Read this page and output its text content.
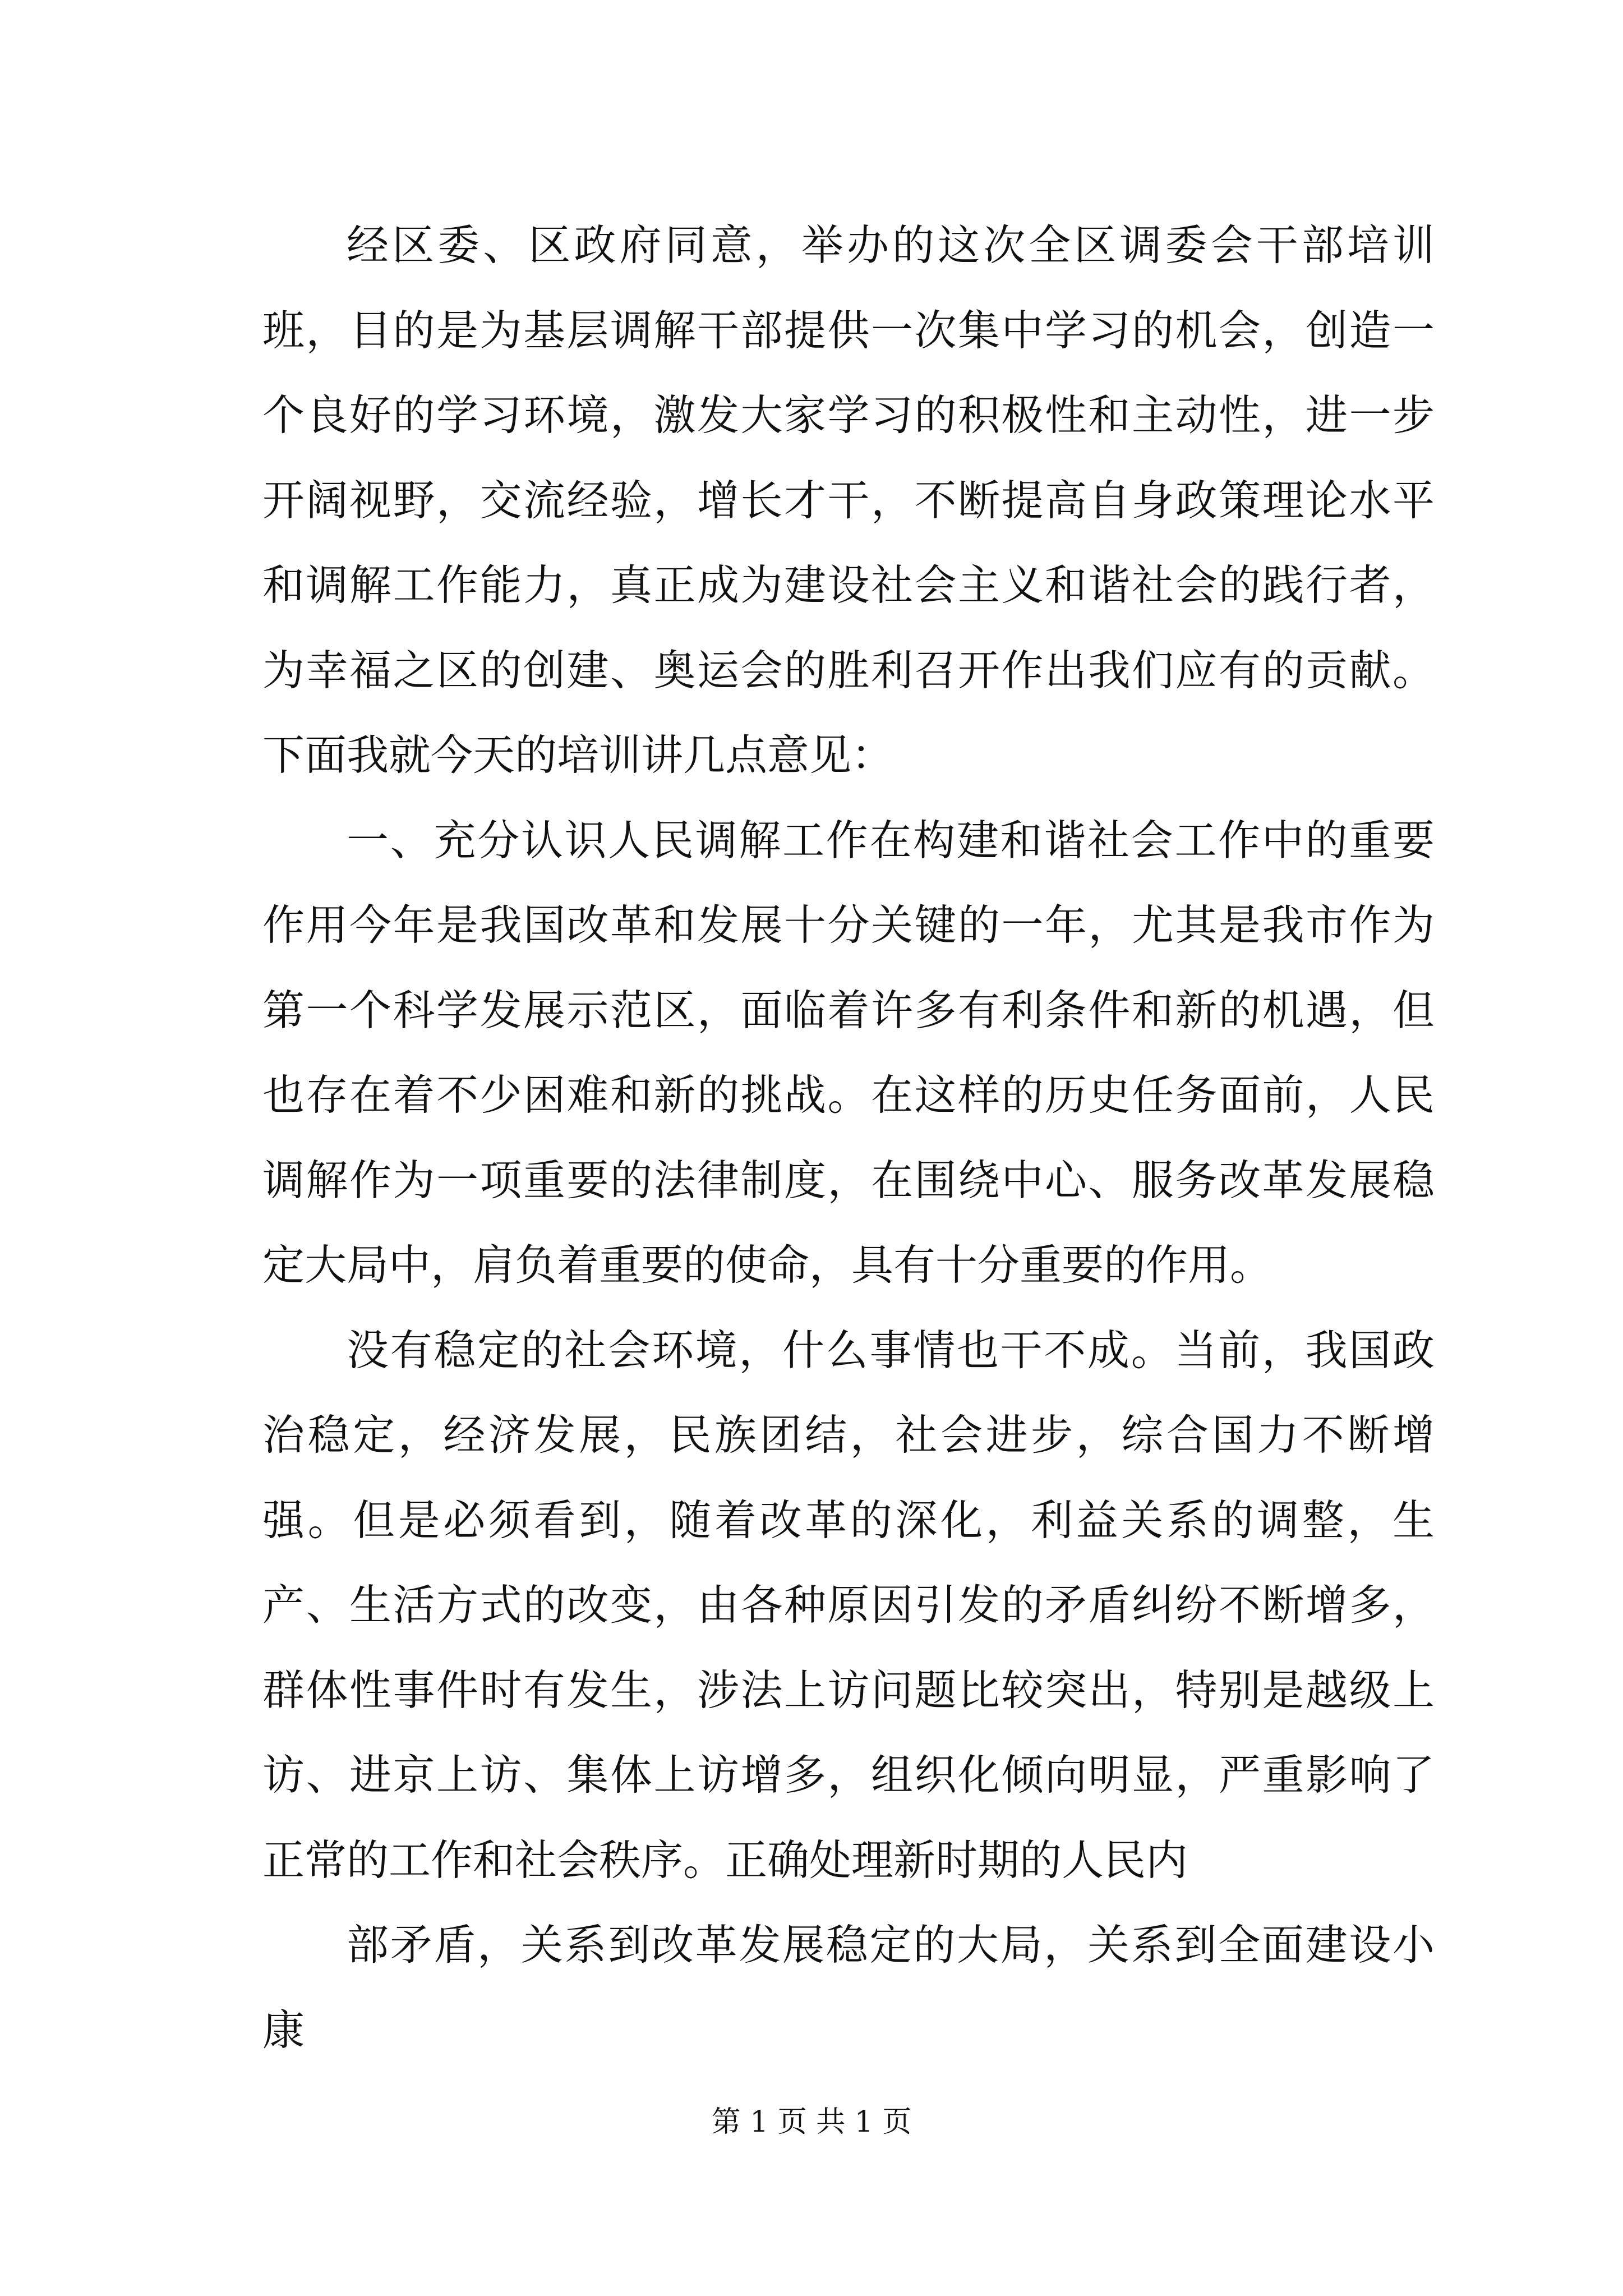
经区委、区政府同意，举办的这次全区调委会干部培训班，目的是为基层调解干部提供一次集中学习的机会，创造一个良好的学习环境，激发大家学习的积极性和主动性，进一步开阔视野，交流经验，增长才干，不断提高自身政策理论水平和调解工作能力，真正成为建设社会主义和谐社会的践行者，为幸福之区的创建、奥运会的胜利召开作出我们应有的贡献。下面我就今天的培训讲几点意见：

一、充分认识人民调解工作在构建和谐社会工作中的重要作用今年是我国改革和发展十分关键的一年，尤其是我市作为第一个科学发展示范区，面临着许多有利条件和新的机遇，但也存在着不少困难和新的挑战。在这样的历史任务面前，人民调解作为一项重要的法律制度，在围绕中心、服务改革发展稳定大局中，肩负着重要的使命，具有十分重要的作用。

没有稳定的社会环境，什么事情也干不成。当前，我国政治稳定，经济发展，民族团结，社会进步，综合国力不断增强。但是必须看到，随着改革的深化，利益关系的调整，生产、生活方式的改变，由各种原因引发的矛盾纠纷不断增多，群体性事件时有发生，涉法上访问题比较突出，特别是越级上访、进京上访、集体上访增多，组织化倾向明显，严重影响了正常的工作和社会秩序。正确处理新时期的人民内

部矛盾，关系到改革发展稳定的大局，关系到全面建设小康

第 1 页 共 1 页
